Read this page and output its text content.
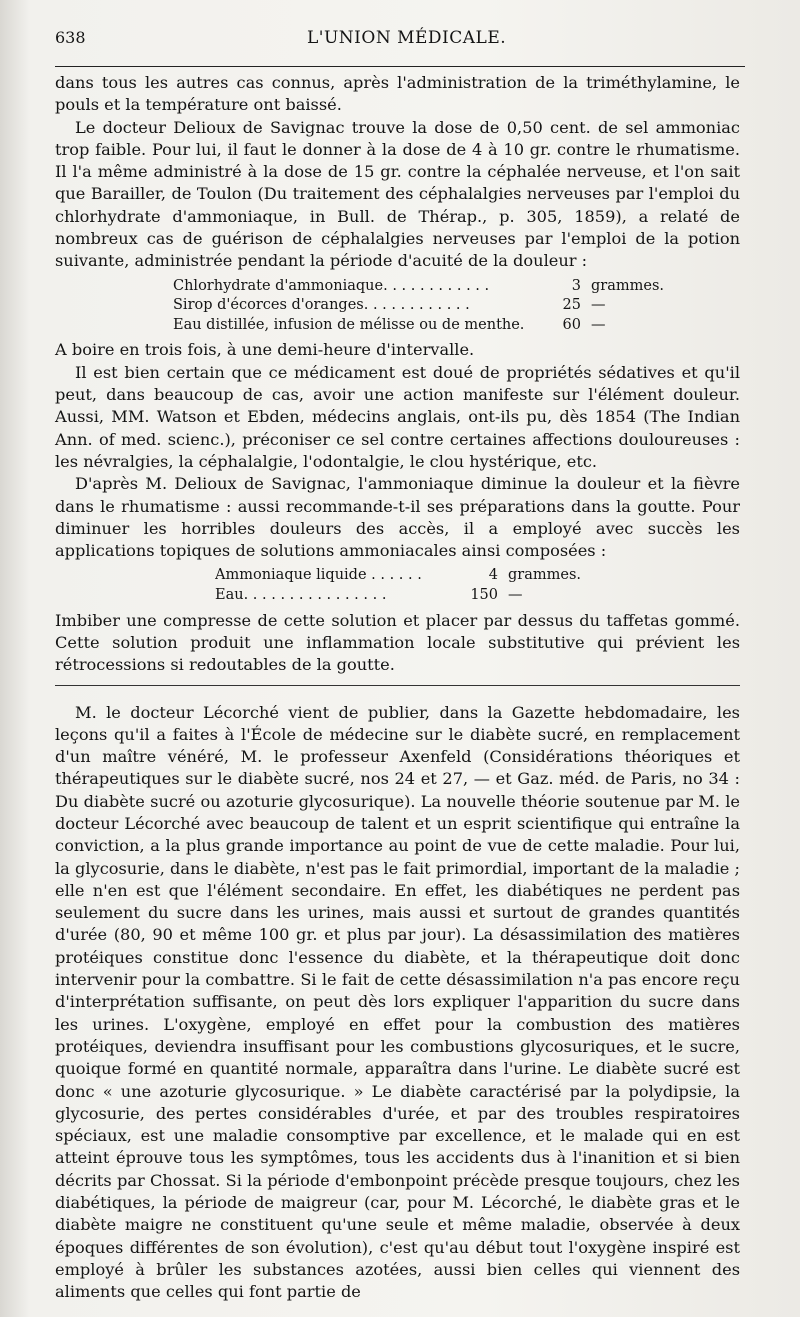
638	L'UNION MÉDICALE.

dans tous les autres cas connus, après l'administration de la triméthylamine, le pouls et la température ont baissé.

Le docteur Delioux de Savignac trouve la dose de 0,50 cent. de sel ammoniac trop faible. Pour lui, il faut le donner à la dose de 4 à 10 gr. contre le rhumatisme. Il l'a même administré à la dose de 15 gr. contre la céphalée nerveuse, et l'on sait que Barailler, de Toulon (Du traitement des céphalalgies nerveuses par l'emploi du chlorhydrate d'ammoniaque, in Bull. de Thérap., p. 305, 1859), a relaté de nombreux cas de guérison de céphalalgies nerveuses par l'emploi de la potion suivante, administrée pendant la période d'acuité de la douleur :

Chlorhydrate d'ammoniaque. . . . . . . . . . . .	3 grammes.
Sirop d'écorces d'oranges. . . . . . . . . . . .	25 —
Eau distillée, infusion de mélisse ou de menthe.	60 —

A boire en trois fois, à une demi-heure d'intervalle.

Il est bien certain que ce médicament est doué de propriétés sédatives et qu'il peut, dans beaucoup de cas, avoir une action manifeste sur l'élément douleur. Aussi, MM. Watson et Ebden, médecins anglais, ont-ils pu, dès 1854 (The Indian Ann. of med. scienc.), préconiser ce sel contre certaines affections douloureuses : les névralgies, la céphalalgie, l'odontalgie, le clou hystérique, etc.

D'après M. Delioux de Savignac, l'ammoniaque diminue la douleur et la fièvre dans le rhumatisme : aussi recommande-t-il ses préparations dans la goutte. Pour diminuer les horribles douleurs des accès, il a employé avec succès les applications topiques de solutions ammoniacales ainsi composées :

Ammoniaque liquide . . . . . .	4 grammes.
Eau. . . . . . . . . . . . . . . .	150 —

Imbiber une compresse de cette solution et placer par dessus du taffetas gommé. Cette solution produit une inflammation locale substitutive qui prévient les rétrocessions si redoutables de la goutte.

M. le docteur Lécorché vient de publier, dans la Gazette hebdomadaire, les leçons qu'il a faites à l'École de médecine sur le diabète sucré, en remplacement d'un maître vénéré, M. le professeur Axenfeld (Considérations théoriques et thérapeutiques sur le diabète sucré, nos 24 et 27, — et Gaz. méd. de Paris, no 34 : Du diabète sucré ou azoturie glycosurique). La nouvelle théorie soutenue par M. le docteur Lécorché avec beaucoup de talent et un esprit scientifique qui entraîne la conviction, a la plus grande importance au point de vue de cette maladie. Pour lui, la glycosurie, dans le diabète, n'est pas le fait primordial, important de la maladie ; elle n'en est que l'élément secondaire. En effet, les diabétiques ne perdent pas seulement du sucre dans les urines, mais aussi et surtout de grandes quantités d'urée (80, 90 et même 100 gr. et plus par jour). La désassimilation des matières protéiques constitue donc l'essence du diabète, et la thérapeutique doit donc intervenir pour la combattre. Si le fait de cette désassimilation n'a pas encore reçu d'interprétation suffisante, on peut dès lors expliquer l'apparition du sucre dans les urines. L'oxygène, employé en effet pour la combustion des matières protéiques, deviendra insuffisant pour les combustions glycosuriques, et le sucre, quoique formé en quantité normale, apparaîtra dans l'urine. Le diabète sucré est donc « une azoturie glycosurique. » Le diabète caractérisé par la polydipsie, la glycosurie, des pertes considérables d'urée, et par des troubles respiratoires spéciaux, est une maladie consomptive par excellence, et le malade qui en est atteint éprouve tous les symptômes, tous les accidents dus à l'inanition et si bien décrits par Chossat. Si la période d'embonpoint précède presque toujours, chez les diabétiques, la période de maigreur (car, pour M. Lécorché, le diabète gras et le diabète maigre ne constituent qu'une seule et même maladie, observée à deux époques différentes de son évolution), c'est qu'au début tout l'oxygène inspiré est employé à brûler les substances azotées, aussi bien celles qui viennent des aliments que celles qui font partie de
